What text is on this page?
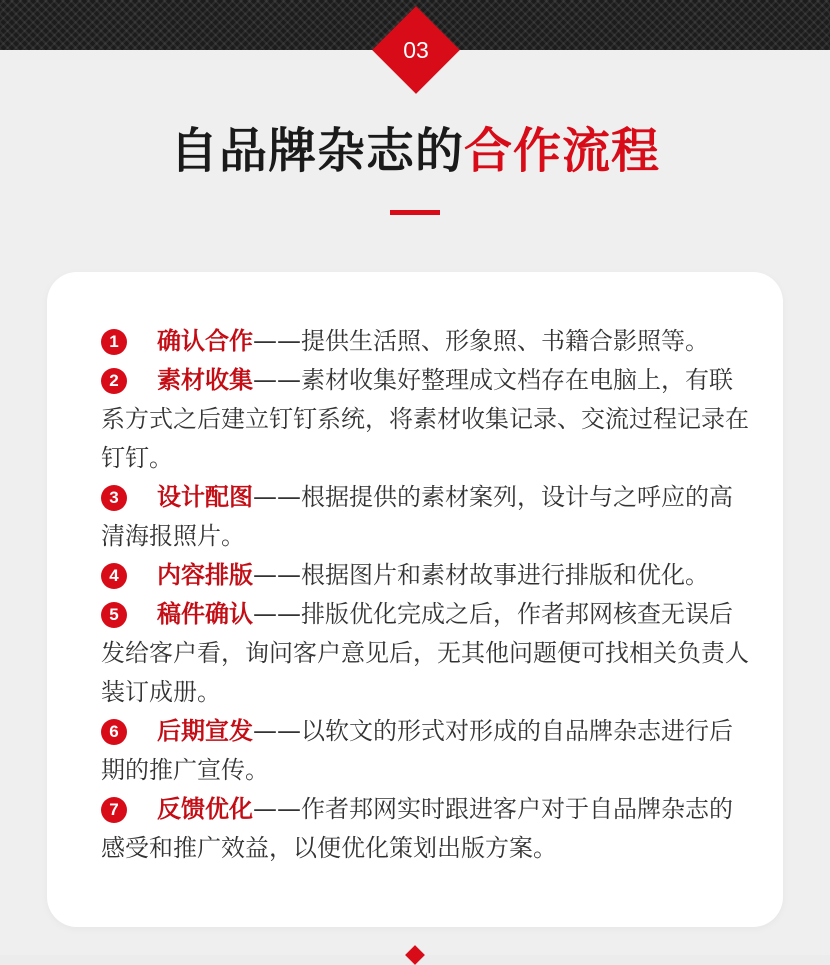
03
自品牌杂志的合作流程
1	确认合作——提供生活照、形象照、书籍合影照等。
2	素材收集——素材收集好整理成文档存在电脑上，有联系方式之后建立钉钉系统，将素材收集记录、交流过程记录在钉钉。
3	设计配图——根据提供的素材案列，设计与之呼应的高清海报照片。
4	内容排版——根据图片和素材故事进行排版和优化。
5	稿件确认——排版优化完成之后，作者邦网核查无误后发给客户看，询问客户意见后，无其他问题便可找相关负责人装订成册。
6	后期宣发——以软文的形式对形成的自品牌杂志进行后期的推广宣传。
7	反馈优化——作者邦网实时跟进客户对于自品牌杂志的感受和推广效益，以便优化策划出版方案。
